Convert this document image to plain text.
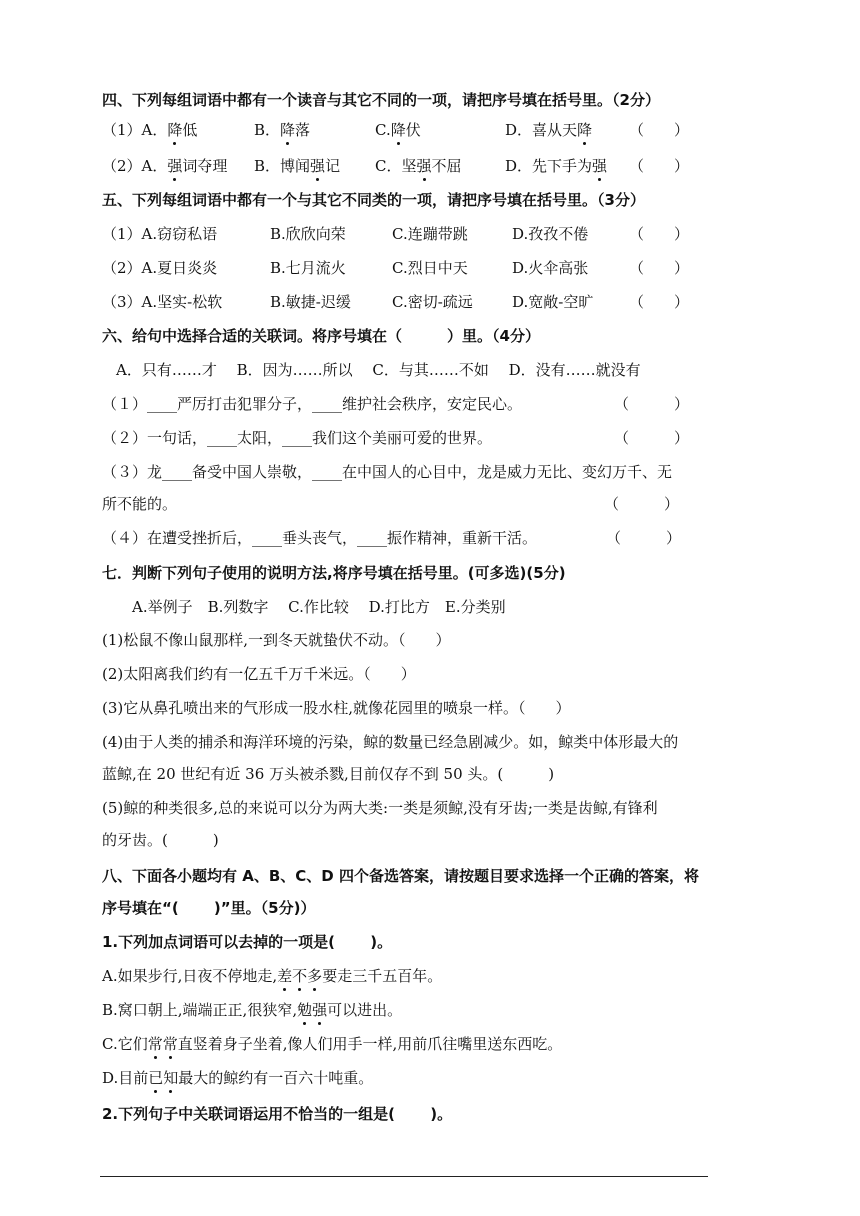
四、下列每组词语中都有一个读音与其它不同的一项，请把序号填在括号里。（2分）
（1）A．降低	B．降落	C.降伏	D．喜从天降 （　　）
（2）A．强词夺理 B．博闻强记 C．坚强不屈	D．先下手为强 （　　）
五、下列每组词语中都有一个与其它不同类的一项，请把序号填在括号里。（3分）
（1）A.窃窃私语	B.欣欣向荣	C.连蹦带跳	D.孜孜不倦	（　　）
（2）A.夏日炎炎	B.七月流火	C.烈日中天	D.火伞高张	（　　）
（3）A.坚实-松软	B.敏捷-迟缓	C.密切-疏远	D.宽敞-空旷 （　　）
六、给句中选择合适的关联词。将序号填在（　　　）里。（4分）
A．只有……才　 B．因为……所以　 C．与其……不如　 D．没有……就没有
（１）____严厉打击犯罪分子，____维护社会秩序，安定民心。	（　　　）
（２）一句话，____太阳，____我们这个美丽可爱的世界。	（　　　）
（３）龙____备受中国人崇敬，____在中国人的心目中，龙是威力无比、变幻万千、无
所不能的。	（　　　）
（４）在遭受挫折后，____垂头丧气，____振作精神，重新干活。	（　　　）
七．判断下列句子使用的说明方法,将序号填在括号里。(可多选)(5分)
A.举例子　B.列数字　 C.作比较　 D.打比方　E.分类别
(1)松鼠不像山鼠那样,一到冬天就蛰伏不动。（　　）
(2)太阳离我们约有一亿五千万千米远。（　　）
(3)它从鼻孔喷出来的气形成一股水柱,就像花园里的喷泉一样。（　　）
(4)由于人类的捕杀和海洋环境的污染，鲸的数量已经急剧减少。如，鲸类中体形最大的
蓝鲸,在 20 世纪有近 36 万头被杀戮,目前仅存不到 50 头。(　　　)
(5)鲸的种类很多,总的来说可以分为两大类:一类是须鲸,没有牙齿;一类是齿鲸,有锋利
的牙齿。(　　　)
八、下面各小题均有 A、B、C、D 四个备选答案，请按题目要求选择一个正确的答案，将
序号填在“(　　 )”里。（5分)）
1.下列加点词语可以去掉的一项是(　　 )。
A.如果步行,日夜不停地走,差不多要走三千五百年。
B.窝口朝上,端端正正,很狭窄,勉强可以进出。
C.它们常常直竖着身子坐着,像人们用手一样,用前爪往嘴里送东西吃。
D.目前已知最大的鲸约有一百六十吨重。
2.下列句子中关联词语运用不恰当的一组是(　　 )。
